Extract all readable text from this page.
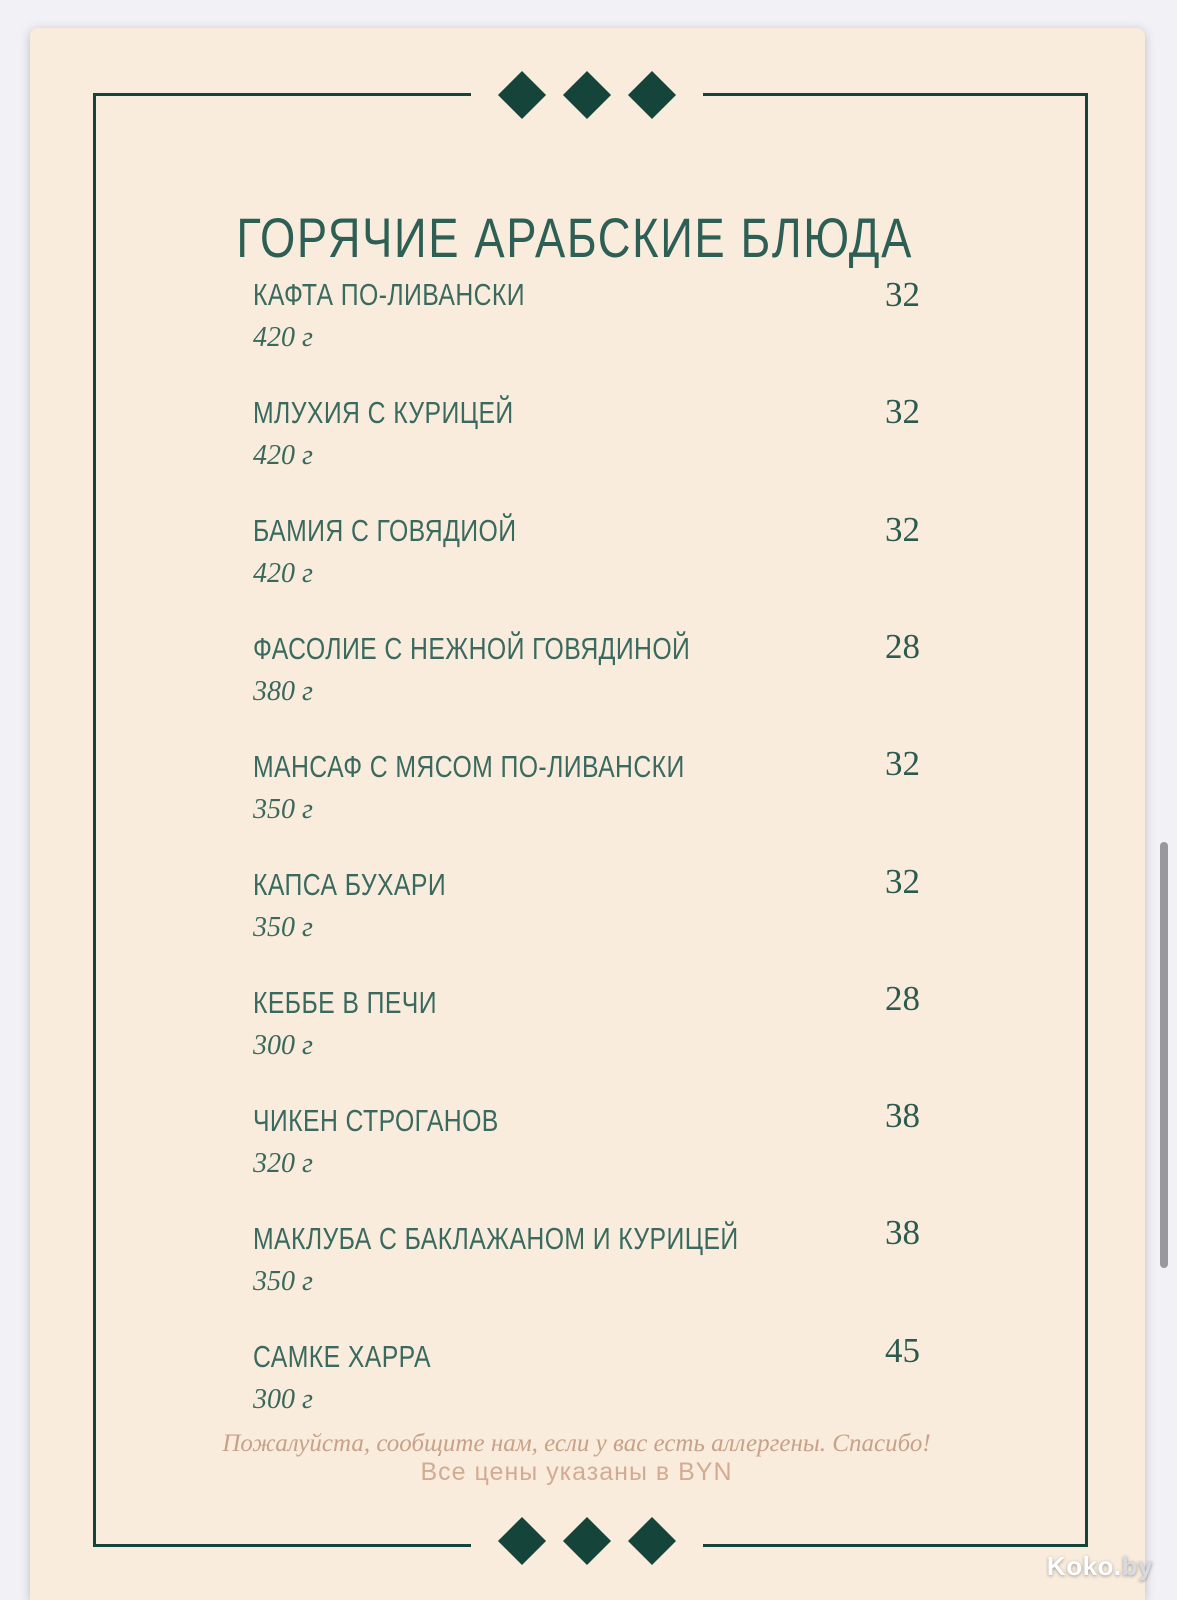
ГОРЯЧИЕ АРАБСКИЕ БЛЮДА
КАФТА ПО-ЛИВАНСКИ	32
420 г
МЛУХИЯ С КУРИЦЕЙ	32
420 г
БАМИЯ С ГОВЯДИОЙ	32
420 г
ФАСОЛИЕ С НЕЖНОЙ ГОВЯДИНОЙ	28
380 г
МАНСАФ С МЯСОМ ПО-ЛИВАНСКИ	32
350 г
КАПСА БУХАРИ	32
350 г
КЕББЕ В ПЕЧИ	28
300 г
ЧИКЕН СТРОГАНОВ	38
320 г
МАКЛУБА С БАКЛАЖАНОМ И КУРИЦЕЙ	38
350 г
САМКЕ ХАРРА	45
300 г
Пожалуйста, сообщите нам, если у вас есть аллергены. Спасибо!
Все цены указаны в BYN
Koko.by
